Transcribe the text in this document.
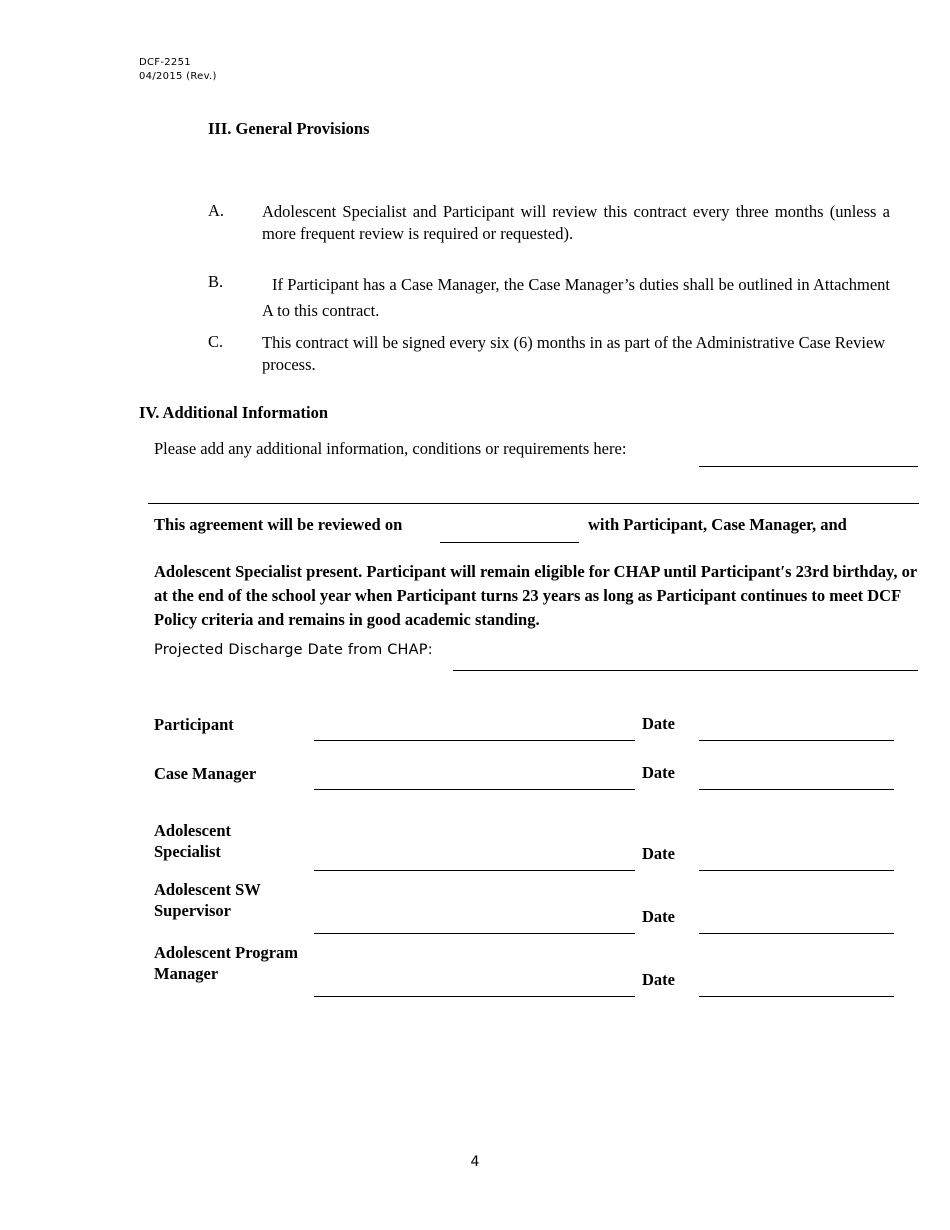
DCF-2251
04/2015 (Rev.)
III. General Provisions
A. Adolescent Specialist and Participant will review this contract every three months (unless a more frequent review is required or requested).
B.	If Participant has a Case Manager, the Case Manager’s duties shall be outlined in Attachment A to this contract.
C. This contract will be signed every six (6) months in as part of the Administrative Case Review process.
IV. Additional Information
Please add any additional information, conditions or requirements here:
This agreement will be reviewed on	with Participant, Case Manager, and
Adolescent Specialist present. Participant will remain eligible for CHAP until Participant′s 23rd birthday, or at the end of the school year when Participant turns 23 years as long as Participant continues to meet DCF Policy criteria and remains in good academic standing.
Projected Discharge Date from CHAP:
Participant	Date
Case Manager	Date
Adolescent Specialist	Date
Adolescent SW Supervisor	Date
Adolescent Program Manager	Date
4
